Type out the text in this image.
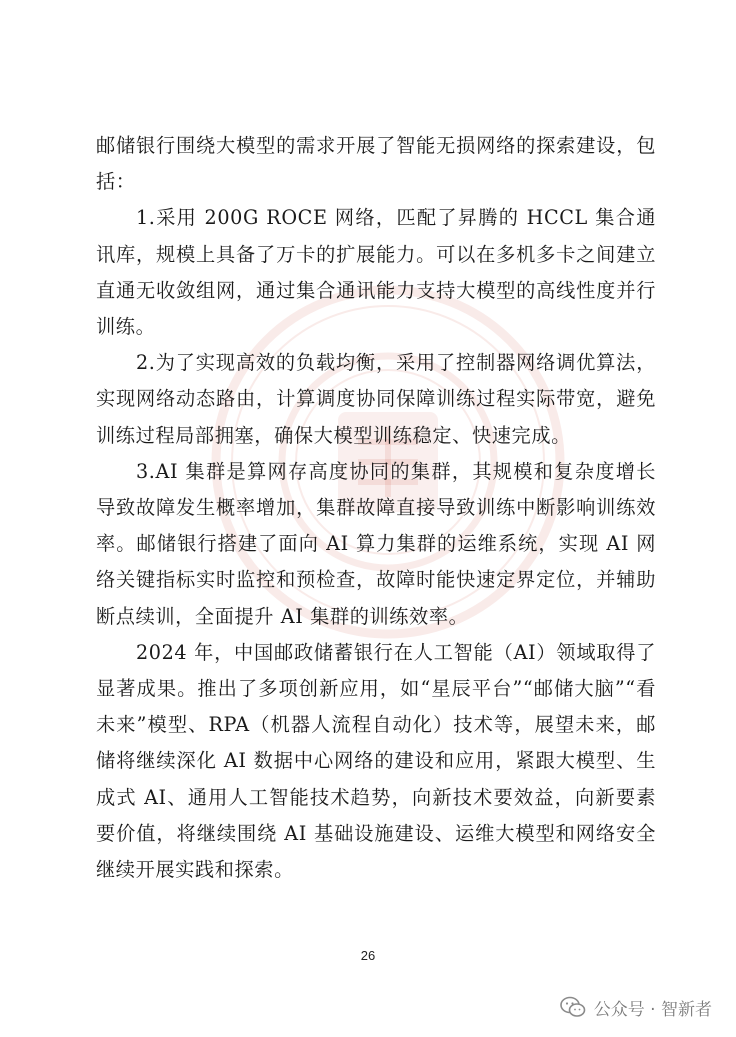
邮储银行围绕大模型的需求开展了智能无损网络的探索建设，包括：

1.采用 200G ROCE 网络，匹配了昇腾的 HCCL 集合通讯库，规模上具备了万卡的扩展能力。可以在多机多卡之间建立直通无收敛组网，通过集合通讯能力支持大模型的高线性度并行训练。

2.为了实现高效的负载均衡，采用了控制器网络调优算法，实现网络动态路由，计算调度协同保障训练过程实际带宽，避免训练过程局部拥塞，确保大模型训练稳定、快速完成。

3.AI 集群是算网存高度协同的集群，其规模和复杂度增长导致故障发生概率增加，集群故障直接导致训练中断影响训练效率。邮储银行搭建了面向 AI 算力集群的运维系统，实现 AI 网络关键指标实时监控和预检查，故障时能快速定界定位，并辅助断点续训，全面提升 AI 集群的训练效率。

2024 年，中国邮政储蓄银行在人工智能（AI）领域取得了显著成果。推出了多项创新应用，如“星辰平台”“邮储大脑”“看未来”模型、RPA（机器人流程自动化）技术等，展望未来，邮储将继续深化 AI 数据中心网络的建设和应用，紧跟大模型、生成式 AI、通用人工智能技术趋势，向新技术要效益，向新要素要价值，将继续围绕 AI 基础设施建设、运维大模型和网络安全继续开展实践和探索。

26
公众号 · 智新者
